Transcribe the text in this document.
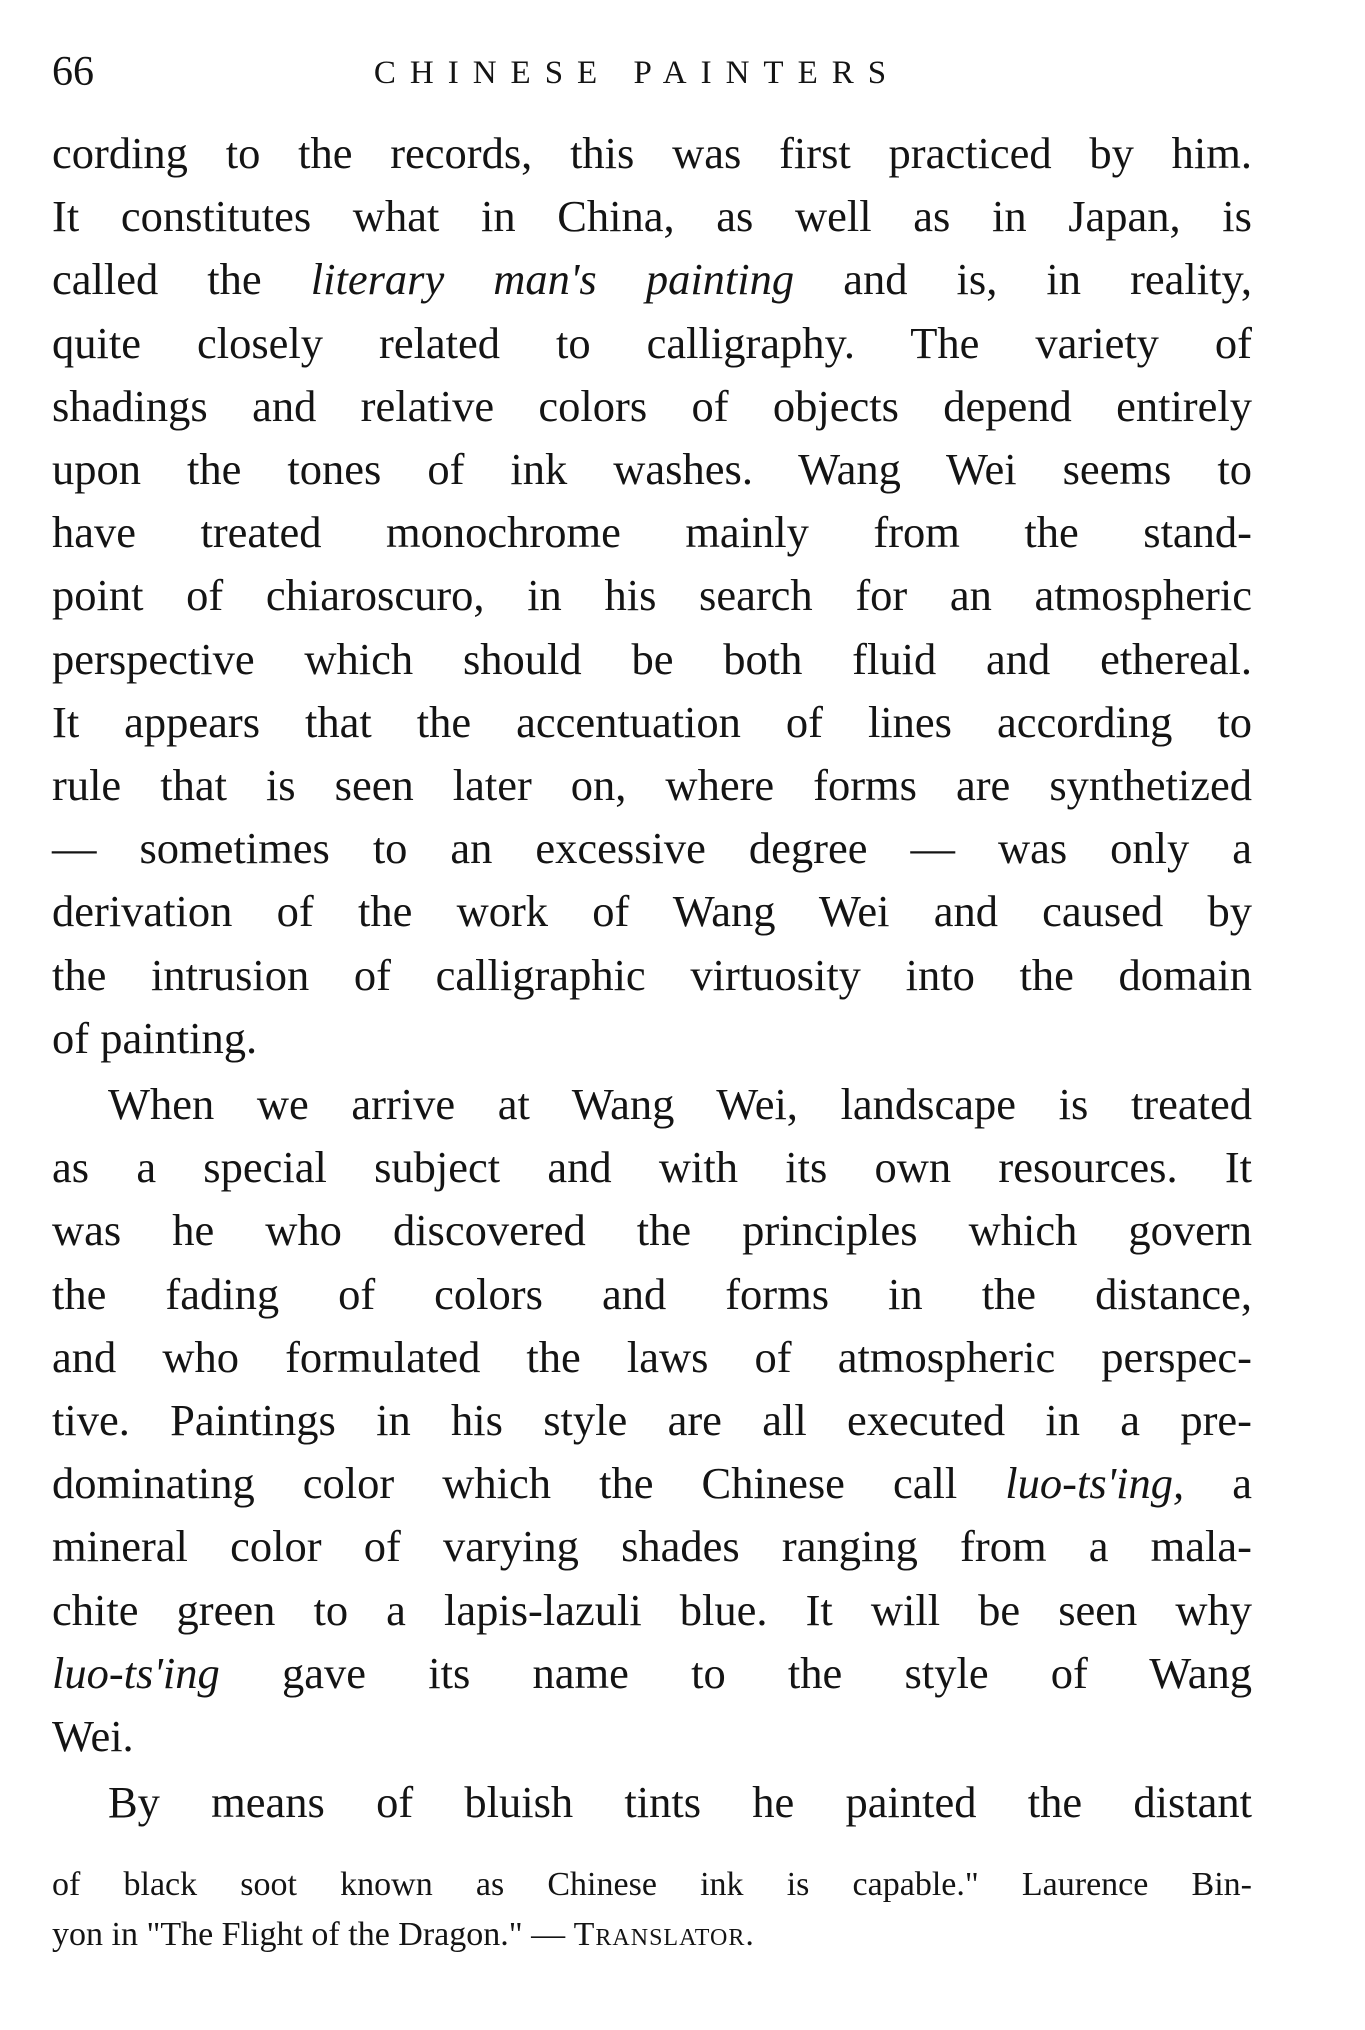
66	CHINESE PAINTERS
cording to the records, this was first practiced by him.
It constitutes what in China, as well as in Japan, is
called the literary man's painting and is, in reality,
quite closely related to calligraphy. The variety of
shadings and relative colors of objects depend entirely
upon the tones of ink washes. Wang Wei seems to
have treated monochrome mainly from the stand-
point of chiaroscuro, in his search for an atmospheric
perspective which should be both fluid and ethereal.
It appears that the accentuation of lines according to
rule that is seen later on, where forms are synthetized
— sometimes to an excessive degree — was only a
derivation of the work of Wang Wei and caused by
the intrusion of calligraphic virtuosity into the domain
of painting.
When we arrive at Wang Wei, landscape is treated
as a special subject and with its own resources. It
was he who discovered the principles which govern
the fading of colors and forms in the distance,
and who formulated the laws of atmospheric perspec-
tive. Paintings in his style are all executed in a pre-
dominating color which the Chinese call luo-ts'ing, a
mineral color of varying shades ranging from a mala-
chite green to a lapis-lazuli blue. It will be seen why
luo-ts'ing gave its name to the style of Wang
Wei.
By means of bluish tints he painted the distant
of black soot known as Chinese ink is capable." Laurence Bin-
yon in "The Flight of the Dragon." — Translator.
